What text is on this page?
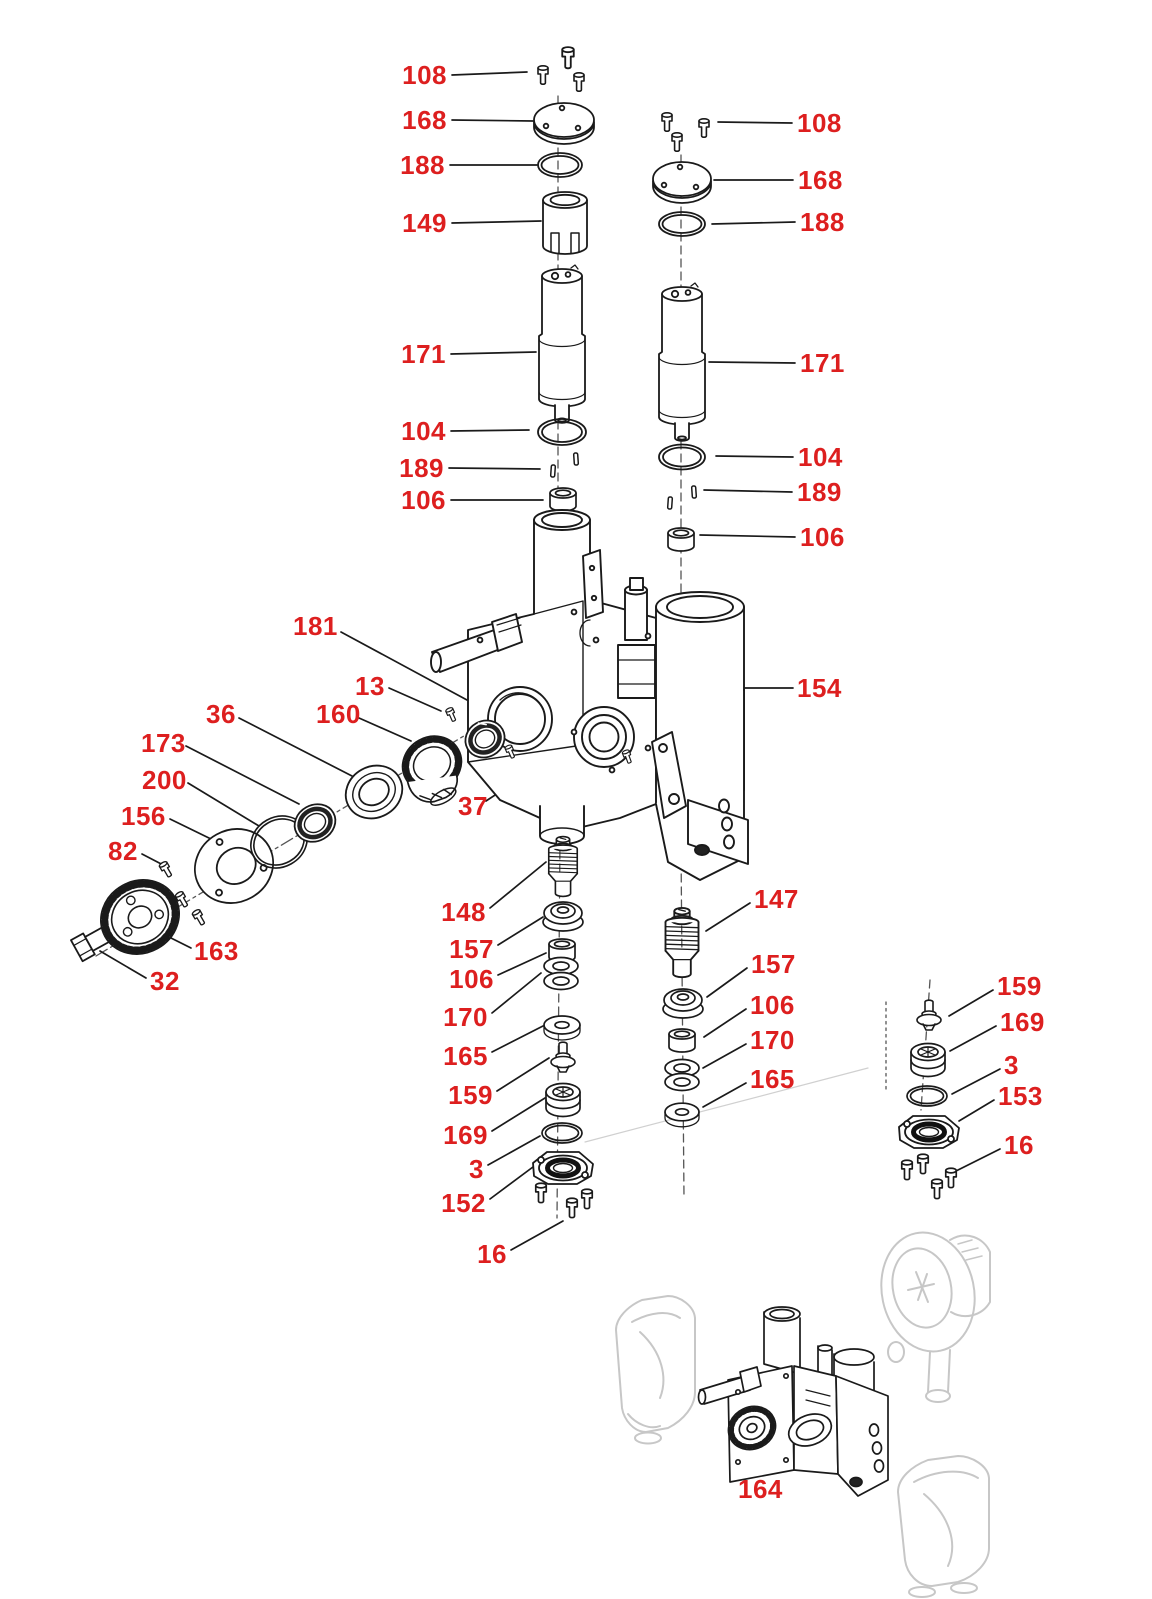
108
168
188
149
171
104
189
106
108
168
188
171
104
189
106
181
13
36	160
173
200
156
82
163
32
37
154
148
157
106
170
165
159
169
3
152
16
147
157
106
170
165
159
169
3
153
16
164
